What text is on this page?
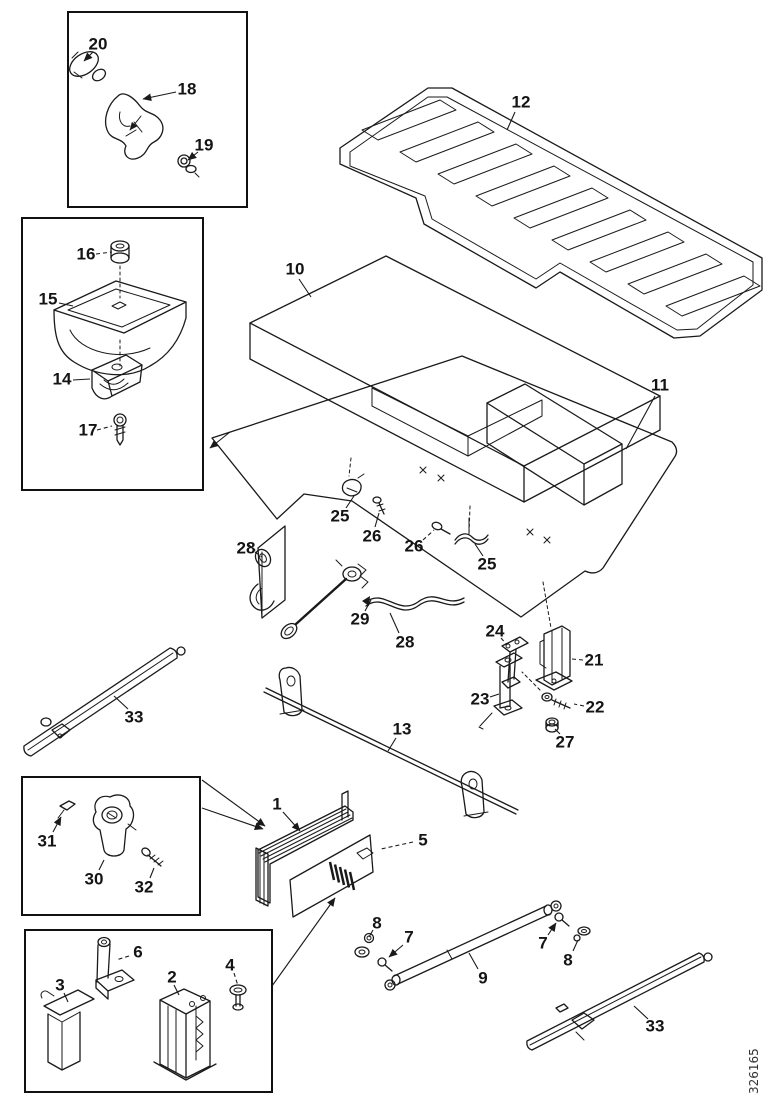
20
18
19
16
15
14
17
12
10
11
25
26
26
25
28
29
28
24
21
23	22
27
33
13
31
30 32
1
5
8
7
9
7
8
3
6
2
4
33
326165
